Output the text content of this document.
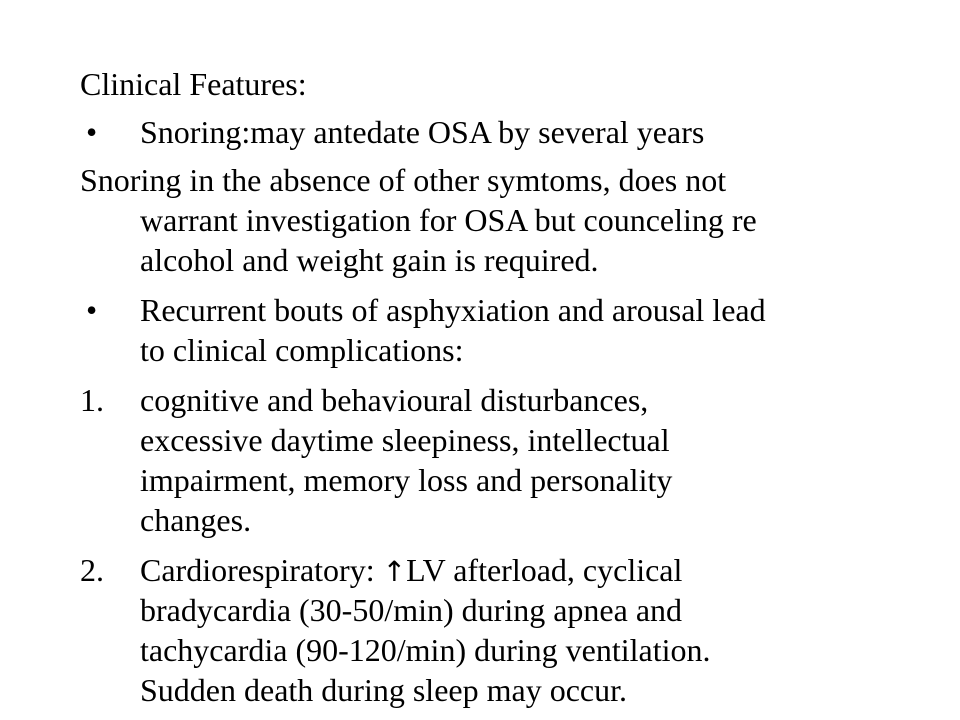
Clinical Features:
• Snoring:may antedate OSA by several years
Snoring in the absence of other symtoms, does not
warrant investigation for OSA but counceling re
alcohol and weight gain is required.
• Recurrent bouts of asphyxiation and arousal lead
to clinical complications:
1. cognitive and behavioural disturbances,
excessive daytime sleepiness, intellectual
impairment, memory loss and personality
changes.
2. Cardiorespiratory: ↑LV afterload, cyclical
bradycardia (30-50/min) during apnea and
tachycardia (90-120/min) during ventilation.
Sudden death during sleep may occur.
